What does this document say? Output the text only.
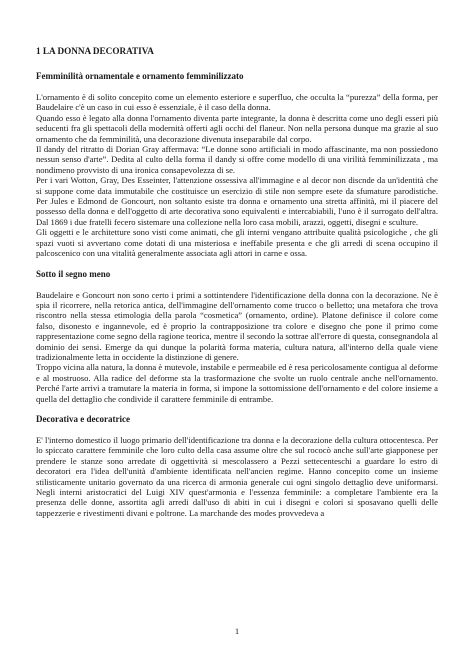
1 LA DONNA DECORATIVA
Femminilità ornamentale e ornamento femminilizzato

L'ornamento è di solito concepito come un elemento esteriore e superfluo, che occulta la “purezza” della forma, per Baudelaire c'è un caso in cui esso è essenziale, è il caso della donna.

Quando esso è legato alla donna l'ornamento diventa parte integrante, la donna è descritta come uno degli esseri più seducenti fra gli spettacoli della modernità offerti agli occhi del flaneur. Non nella persona dunque ma grazie al suo ornamento che da femminilità, una decorazione divenuta inseparabile dal corpo.

Il dandy del ritratto di Dorian Gray affermava: “Le donne sono artificiali in modo affascinante, ma non possiedono nessun senso d'arte”. Dedita al culto della forma il dandy si offre come modello di una virilità femminilizzata , ma nondimeno provvisto di una ironica consapevolezza di se.

Per i vari Wotton, Gray, Des Esseinter, l'attenzione ossessiva all'immagine e al decor non discnde da un'identità che si suppone come data immutabile che costituisce un esercizio di stile non sempre esete da sfumature parodistiche. Per Jules e Edmond de Goncourt, non soltanto esiste tra donna e ornamento una stretta affinità, mi il piacere del possesso della donna e dell'oggetto di arte decorativa sono equivalenti e intercabiabili, l'uno è il surrogato dell'altra. Dal 1869 i due fratelli fecero sistemare una collezione nella loro casa mobili, arazzi, oggetti, disegni e sculture.

Gli oggetti e le architetture sono visti come animati, che gli interni vengano attribuite qualità psicologiche , che gli spazi vuoti si avvertano come dotati di una misteriosa e ineffabile presenta e che gli arredi di scena occupino il palcoscenico con una vitalità generalmente associata agli attori in carne e ossa.

Sotto il segno meno

Baudelaire e Goncourt non sono certo i primi a sottintendere l'identificazione della donna con la decorazione. Ne è spia il ricorrere, nella retorica antica, dell'immagine dell'ornamento come trucco o belletto; una metafora che trova riscontro nella stessa etimologia della parola “cosmetica” (ornamento, ordine). Platone definisce il colore come falso, disonesto e ingannevole, ed è proprio la contrapposizione tra colore e disegno che pone il primo come rappresentazione come segno della ragione teorica, mentre il secondo la sottrae all'errore di questa, consegnandola al dominio dei sensi. Emerge da qui dunque la polarità forma materia, cultura natura, all'interno della quale viene tradizionalmente letta in occidente la distinzione di genere.

Troppo vicina alla natura, la donna è mutevole, instabile e permeabile ed è resa pericolosamente contigua al deforme e al mostruoso. Alla radice del deforme sta la trasformazione che svolte un ruolo centrale anche nell'ornamento. Perché l'arte arrivi a tramutare la materia in forma, si impone la sottomissione dell'ornamento e del colore insieme a quella del dettaglio che condivide il carattere femminile di entrambe.

Decorativa e decoratrice

E' l'interno domestico il luogo primario dell'identificazione tra donna e la decorazione della cultura ottocentesca. Per lo spiccato carattere femminile che loro culto della casa assume oltre che sul rococò anche sull'arte giapponese per prendere le stanze sono arredate di oggettività si mescolassero a Pezzi settecenteschi a guardare lo estro di decoratori era l'idea dell'unità d'ambiente identificata nell'ancien regime. Hanno concepito come un insieme stilisticamente unitario governato da una ricerca di armonia generale cui ogni singolo dettaglio deve uniformarsi. Negli interni aristocratici del Luigi XIV quest'armonia e l'essenza femminile: a completare l'ambiente era la presenza delle donne, assortita agli arredi dall'uso di abiti in cui i disegni e colori si sposavano quelli delle tappezzerie e rivestimenti divani e poltrone. La marchande des modes provvedeva a

1
